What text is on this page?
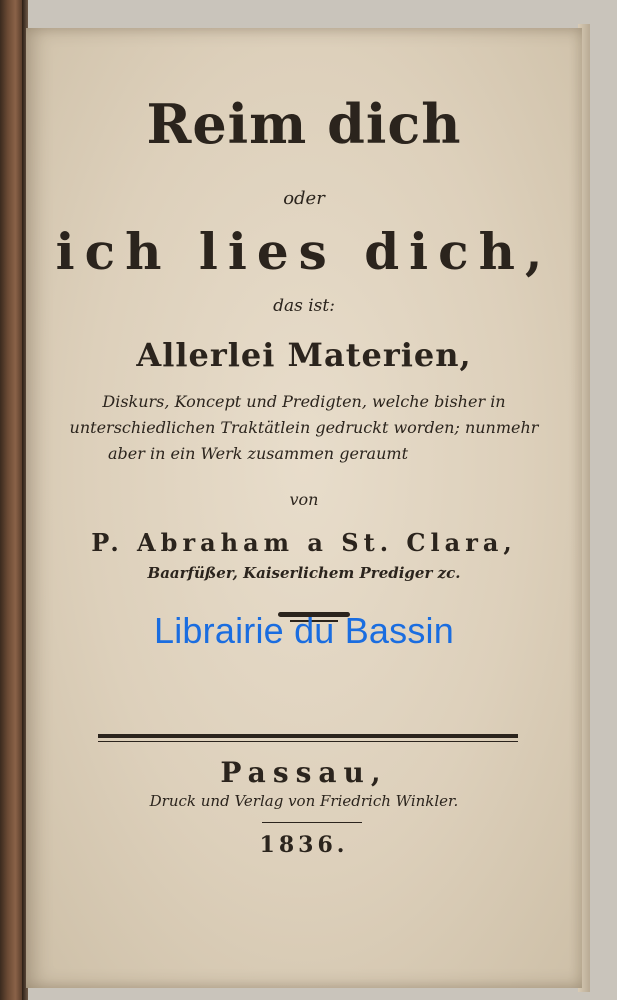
Reim dich
oder
ich lies dich,
das ist:
Allerlei Materien,
Diskurs, Koncept und Predigten, welche bisher in
unterschiedlichen Traktätlein gedruckt worden; nunmehr
aber in ein Werk zusammen geraumt
von
P. Abraham a St. Clara,
Baarfüßer, Kaiserlichem Prediger zc.
Librairie du Bassin
Passau,
Druck und Verlag von Friedrich Winkler.
1836.
